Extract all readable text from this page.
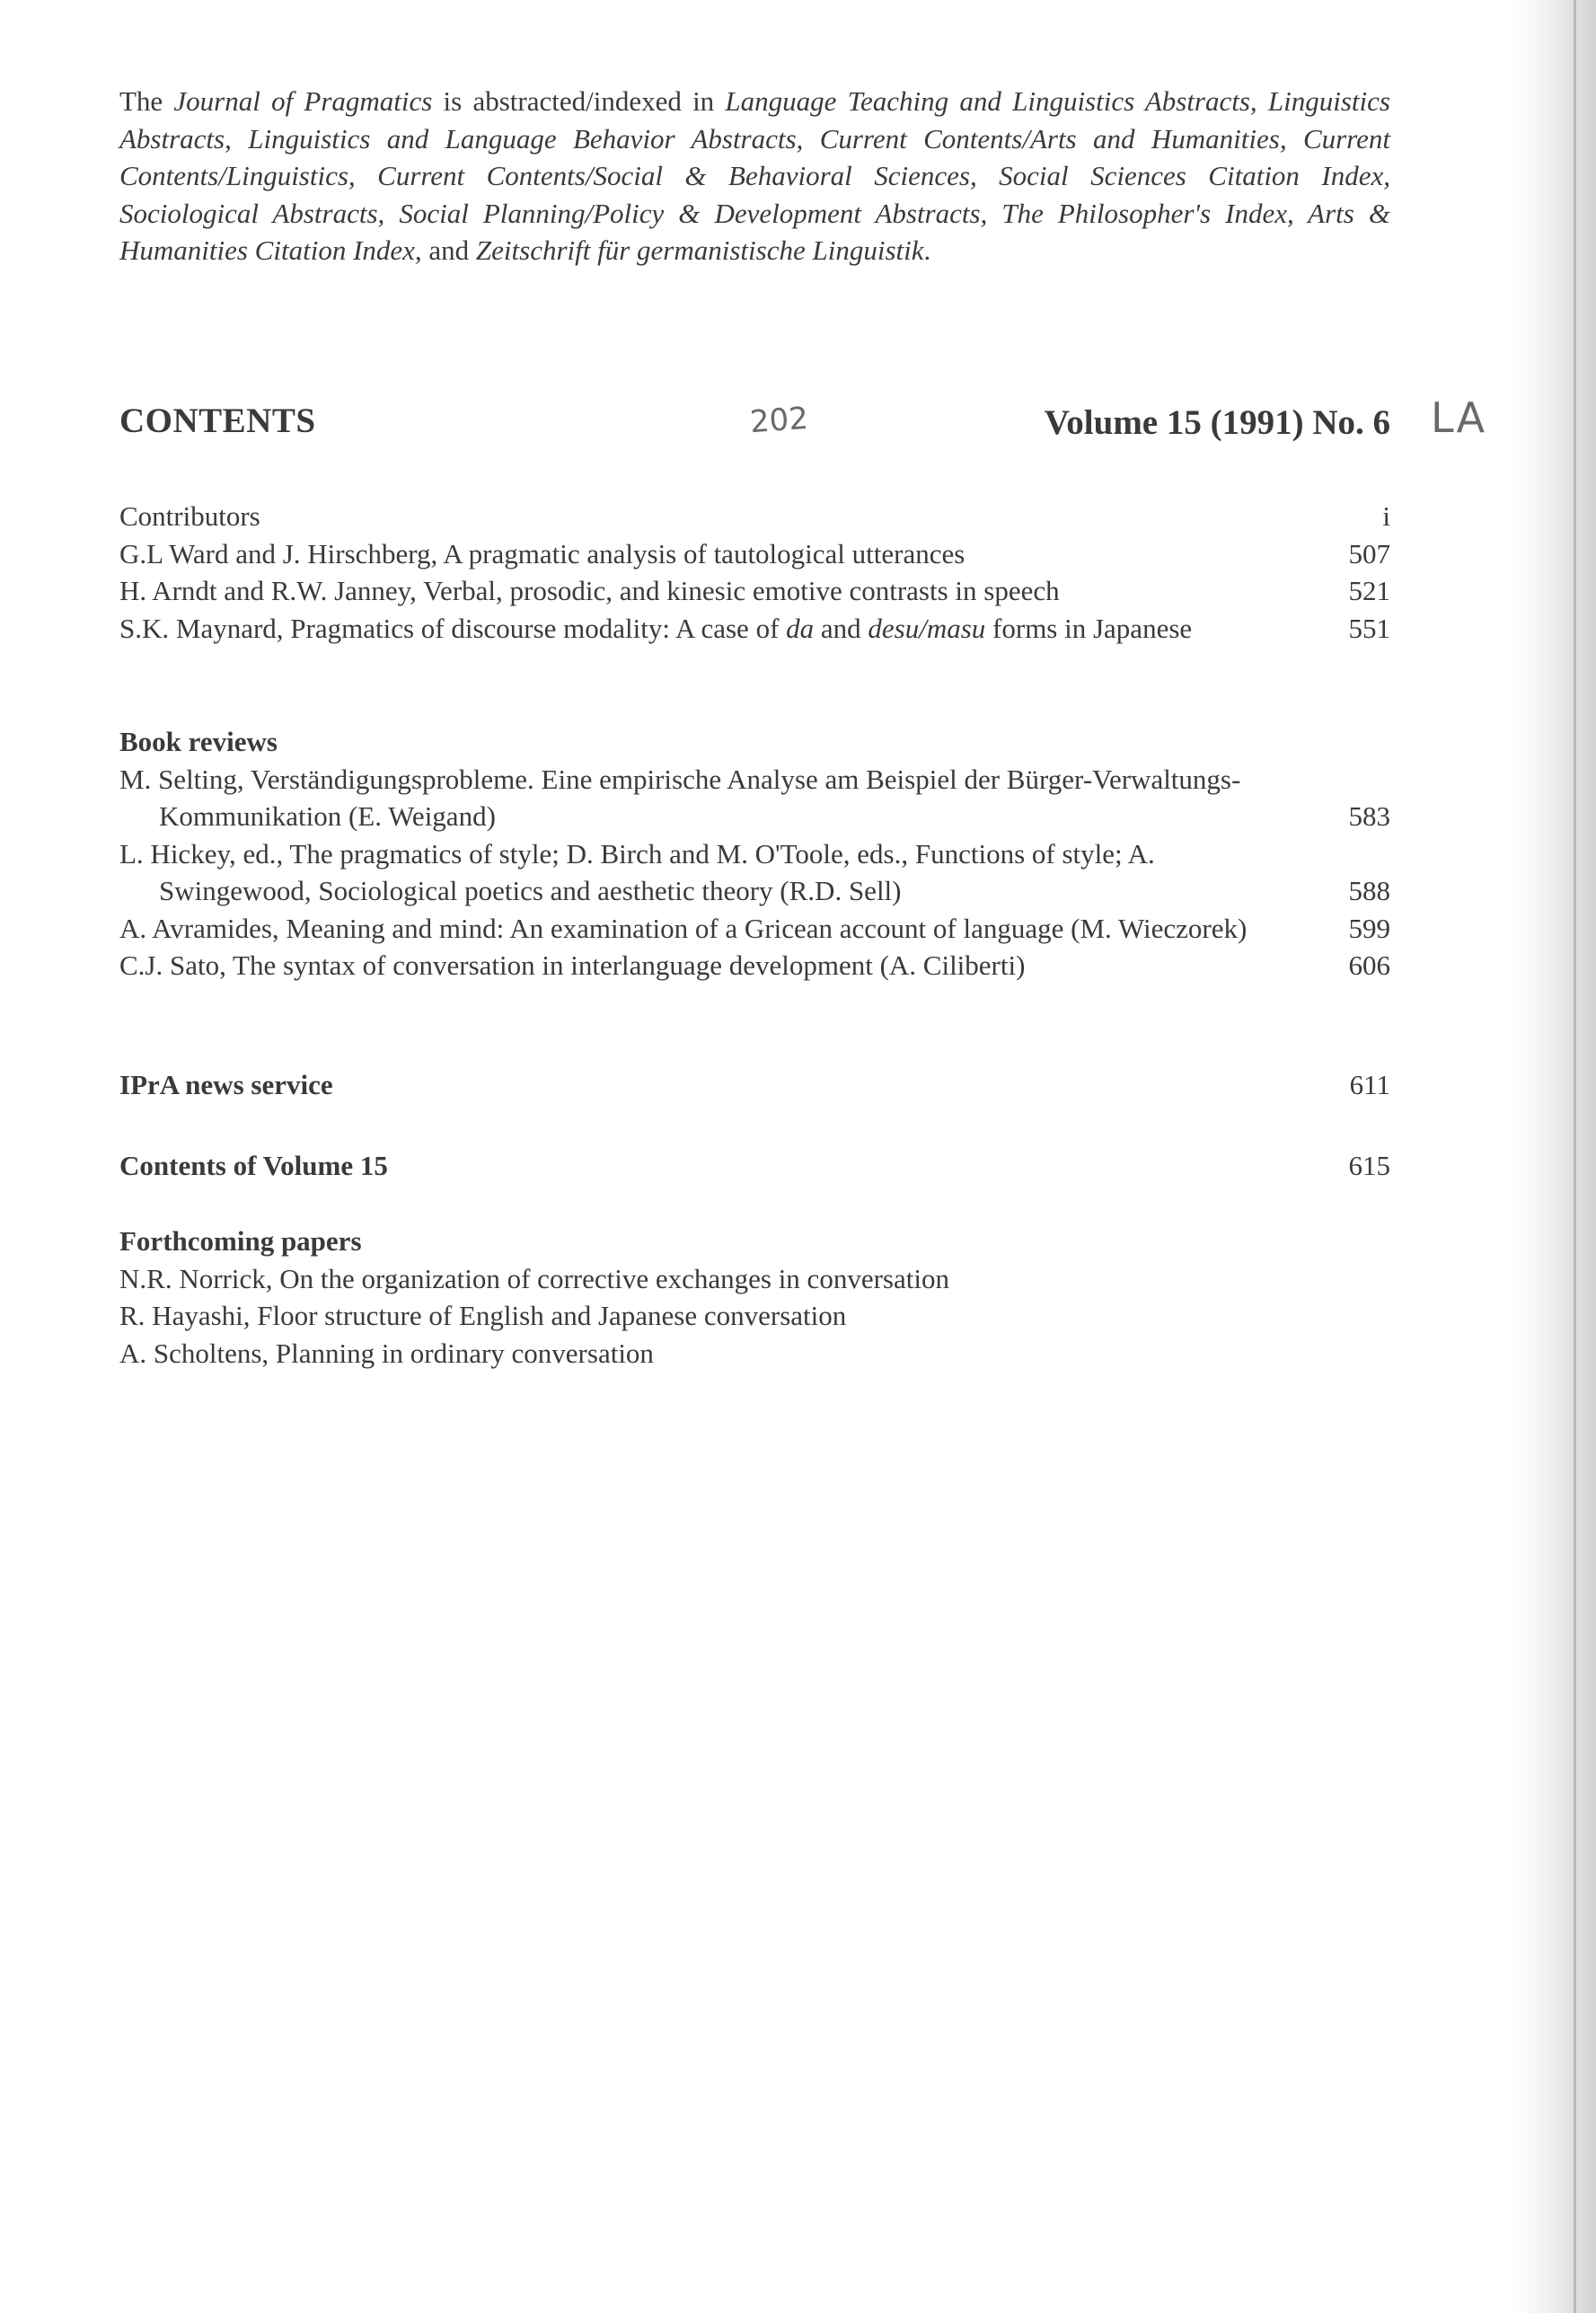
The Journal of Pragmatics is abstracted/indexed in Language Teaching and Linguistics Abstracts, Linguistics Abstracts, Linguistics and Language Behavior Abstracts, Current Contents/Arts and Humanities, Current Contents/Linguistics, Current Contents/Social & Behavioral Sciences, Social Sciences Citation Index, Sociological Abstracts, Social Planning/Policy & Development Abstracts, The Philosopher's Index, Arts & Humanities Citation Index, and Zeitschrift für germanistische Linguistik.
CONTENTS	Volume 15 (1991) No. 6
202	LA
Contributors	i
G.L Ward and J. Hirschberg, A pragmatic analysis of tautological utterances	507
H. Arndt and R.W. Janney, Verbal, prosodic, and kinesic emotive contrasts in speech	521
S.K. Maynard, Pragmatics of discourse modality: A case of da and desu/masu forms in Japanese	551
Book reviews
M. Selting, Verständigungsprobleme. Eine empirische Analyse am Beispiel der Bürger-Verwaltungs-Kommunikation (E. Weigand)	583
L. Hickey, ed., The pragmatics of style; D. Birch and M. O'Toole, eds., Functions of style; A. Swingewood, Sociological poetics and aesthetic theory (R.D. Sell)	588
A. Avramides, Meaning and mind: An examination of a Gricean account of language (M. Wieczorek)	599
C.J. Sato, The syntax of conversation in interlanguage development (A. Ciliberti)	606
IPrA news service	611
Contents of Volume 15	615
Forthcoming papers
N.R. Norrick, On the organization of corrective exchanges in conversation
R. Hayashi, Floor structure of English and Japanese conversation
A. Scholtens, Planning in ordinary conversation
